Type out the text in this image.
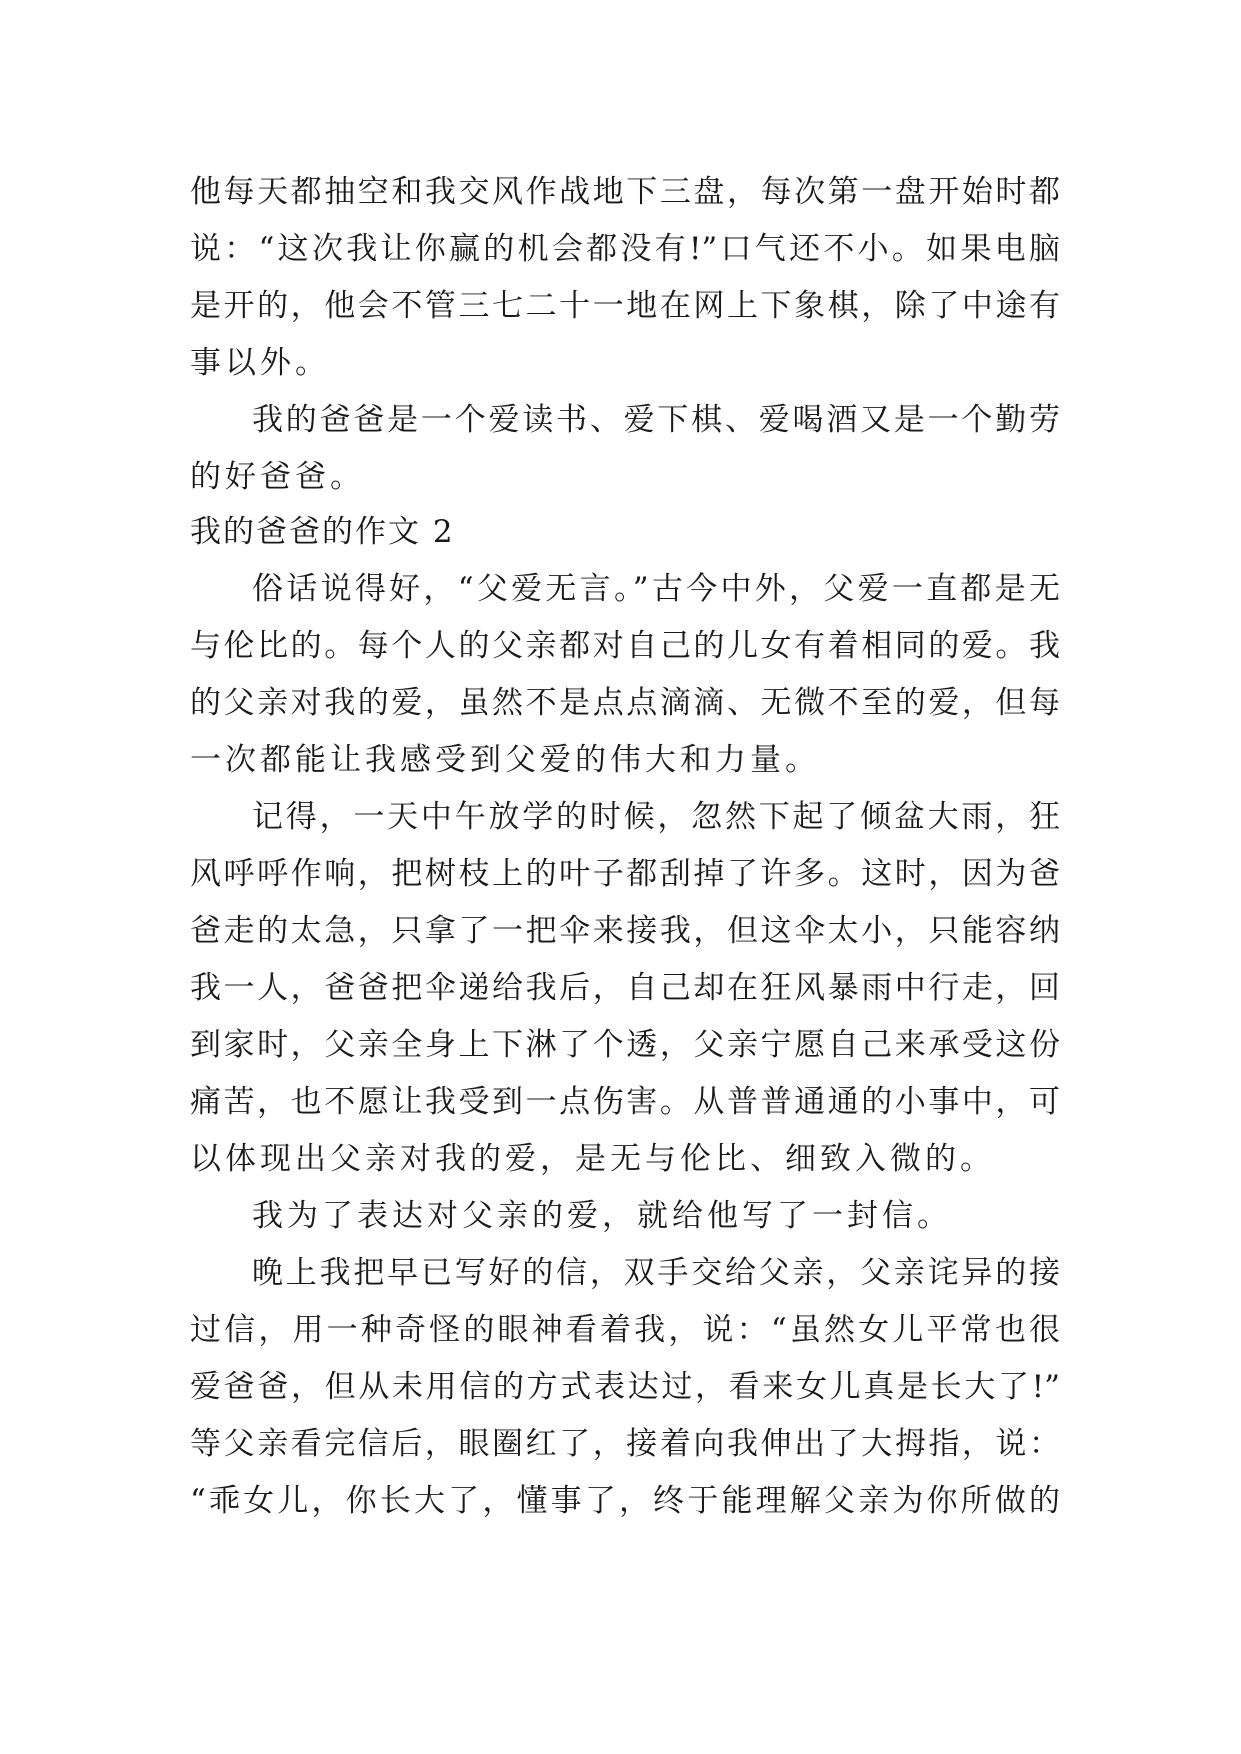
他每天都抽空和我交风作战地下三盘，每次第一盘开始时都
说：“这次我让你赢的机会都没有!”口气还不小。如果电脑
是开的，他会不管三七二十一地在网上下象棋，除了中途有
事以外。
我的爸爸是一个爱读书、爱下棋、爱喝酒又是一个勤劳
的好爸爸。
我的爸爸的作文 2
俗话说得好，“父爱无言。”古今中外，父爱一直都是无
与伦比的。每个人的父亲都对自己的儿女有着相同的爱。我
的父亲对我的爱，虽然不是点点滴滴、无微不至的爱，但每
一次都能让我感受到父爱的伟大和力量。
记得，一天中午放学的时候，忽然下起了倾盆大雨，狂
风呼呼作响，把树枝上的叶子都刮掉了许多。这时，因为爸
爸走的太急，只拿了一把伞来接我，但这伞太小，只能容纳
我一人，爸爸把伞递给我后，自己却在狂风暴雨中行走，回
到家时，父亲全身上下淋了个透，父亲宁愿自己来承受这份
痛苦，也不愿让我受到一点伤害。从普普通通的小事中，可
以体现出父亲对我的爱，是无与伦比、细致入微的。
我为了表达对父亲的爱，就给他写了一封信。
晚上我把早已写好的信，双手交给父亲，父亲诧异的接
过信，用一种奇怪的眼神看着我，说：“虽然女儿平常也很
爱爸爸，但从未用信的方式表达过，看来女儿真是长大了!”
等父亲看完信后，眼圈红了，接着向我伸出了大拇指，说：
“乖女儿，你长大了，懂事了，终于能理解父亲为你所做的
